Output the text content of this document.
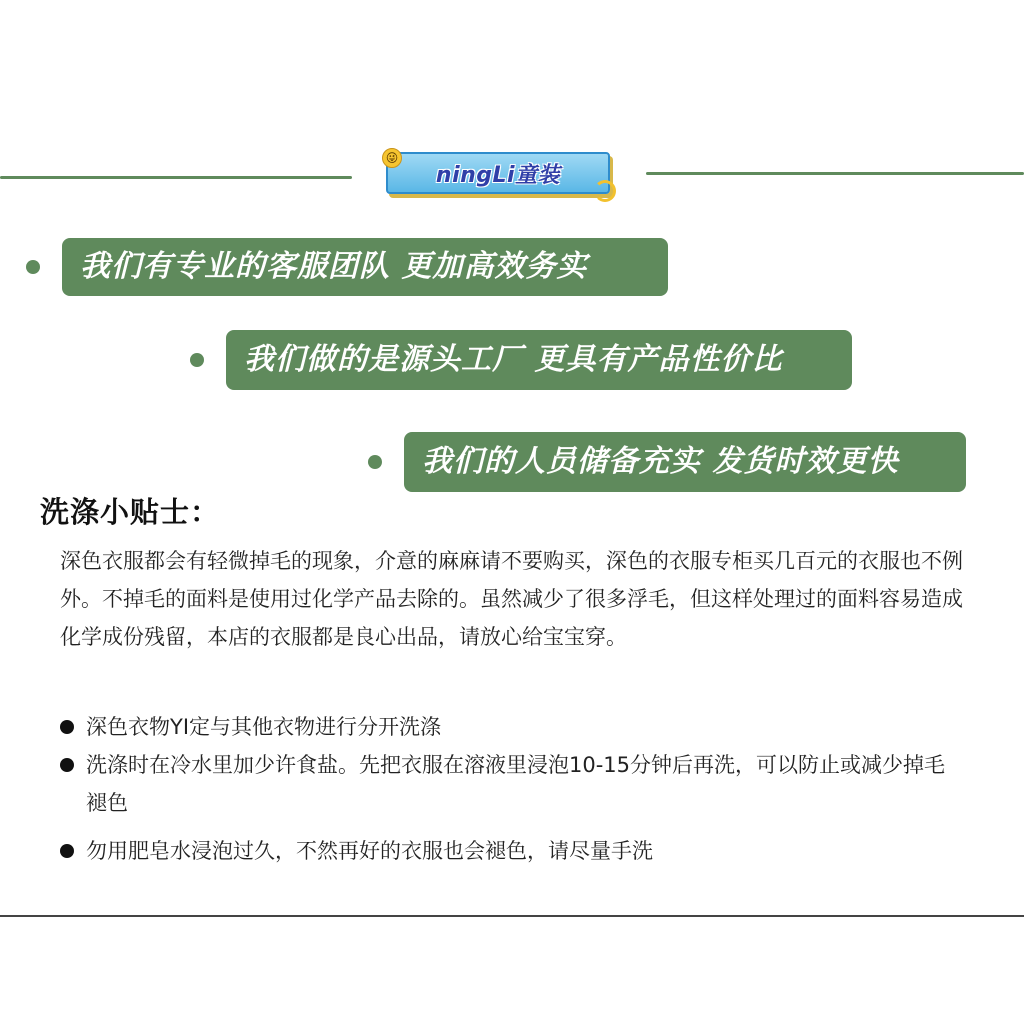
😜
ningLi童装
我们有专业的客服团队 更加高效务实
我们做的是源头工厂 更具有产品性价比
我们的人员储备充实 发货时效更快
洗涤小贴士：
深色衣服都会有轻微掉毛的现象，介意的麻麻请不要购买，深色的衣服专柜买几百元的衣服也不例外。不掉毛的面料是使用过化学产品去除的。虽然减少了很多浮毛，但这样处理过的面料容易造成化学成份残留，本店的衣服都是良心出品，请放心给宝宝穿。
深色衣物YI定与其他衣物进行分开洗涤
洗涤时在冷水里加少许食盐。先把衣服在溶液里浸泡10-15分钟后再洗，可以防止或减少掉毛褪色
勿用肥皂水浸泡过久，不然再好的衣服也会褪色，请尽量手洗
